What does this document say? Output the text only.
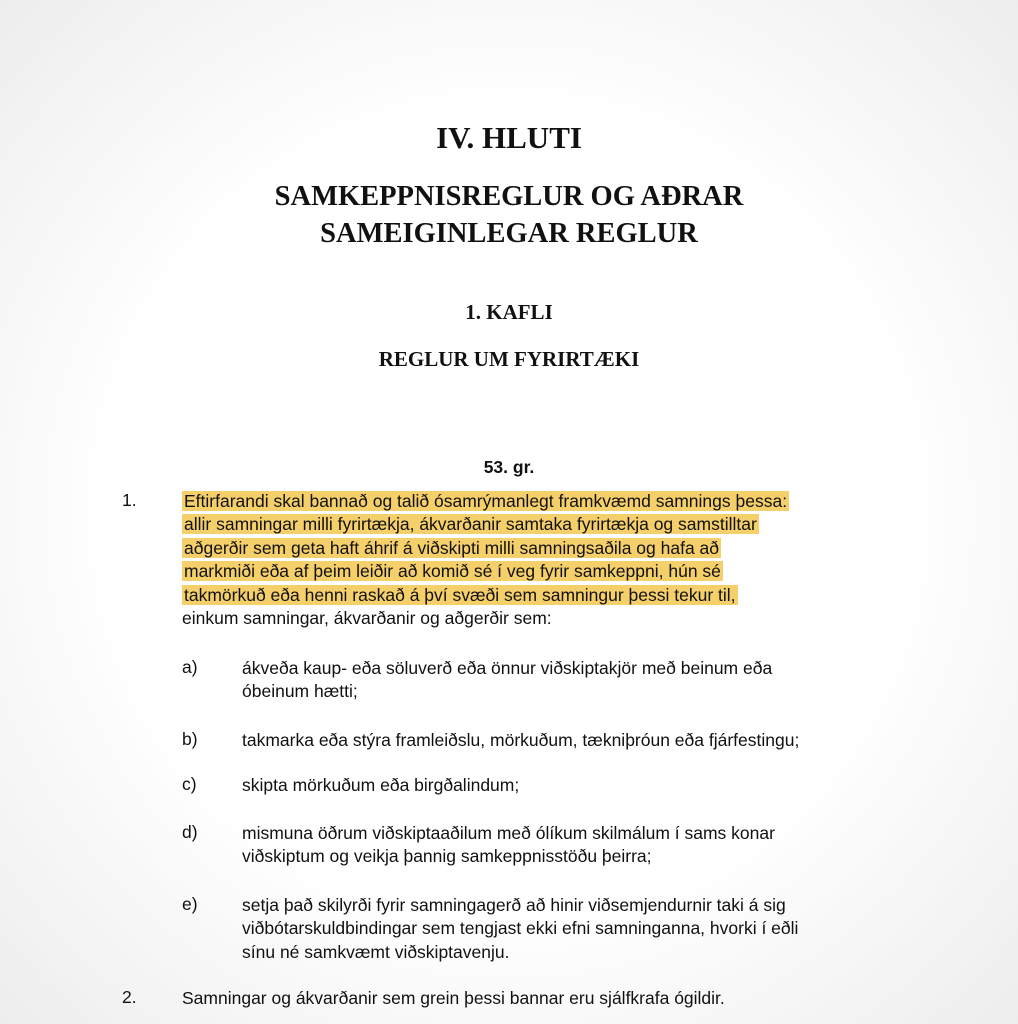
IV. HLUTI
SAMKEPPNISREGLUR OG AÐRAR
SAMEIGINLEGAR REGLUR
1. KAFLI
REGLUR UM FYRIRTÆKI
53. gr.
1.	Eftirfarandi skal bannað og talið ósamrýmanlegt framkvæmd samnings þessa:
allir samningar milli fyrirtækja, ákvarðanir samtaka fyrirtækja og samstilltar
aðgerðir sem geta haft áhrif á viðskipti milli samningsaðila og hafa að
markmiði eða af þeim leiðir að komið sé í veg fyrir samkeppni, hún sé
takmörkuð eða henni raskað á því svæði sem samningur þessi tekur til,
einkum samningar, ákvarðanir og aðgerðir sem:
a)	ákveða kaup- eða söluverð eða önnur viðskiptakjör með beinum eða
óbeinum hætti;
b)	takmarka eða stýra framleiðslu, mörkuðum, tækniþróun eða fjárfestingu;
c)	skipta mörkuðum eða birgðalindum;
d)	mismuna öðrum viðskiptaaðilum með ólíkum skilmálum í sams konar
viðskiptum og veikja þannig samkeppnisstöðu þeirra;
e)	setja það skilyrði fyrir samningagerð að hinir viðsemjendurnir taki á sig
viðbótarskuldbindingar sem tengjast ekki efni samninganna, hvorki í eðli
sínu né samkvæmt viðskiptavenju.
2.	Samningar og ákvarðanir sem grein þessi bannar eru sjálfkrafa ógildir.
